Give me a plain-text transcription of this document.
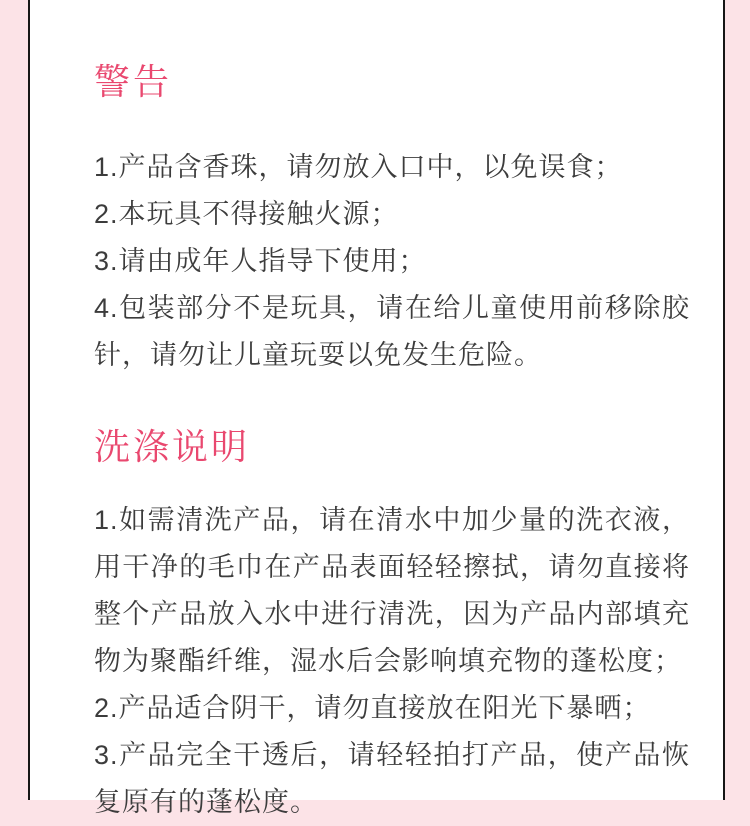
警告
1.产品含香珠，请勿放入口中，以免误食；
2.本玩具不得接触火源；
3.请由成年人指导下使用；
4.包装部分不是玩具，请在给儿童使用前移除胶针，请勿让儿童玩耍以免发生危险。
洗涤说明
1.如需清洗产品，请在清水中加少量的洗衣液，用干净的毛巾在产品表面轻轻擦拭，请勿直接将整个产品放入水中进行清洗，因为产品内部填充物为聚酯纤维，湿水后会影响填充物的蓬松度；
2.产品适合阴干，请勿直接放在阳光下暴晒；
3.产品完全干透后，请轻轻拍打产品，使产品恢复原有的蓬松度。
